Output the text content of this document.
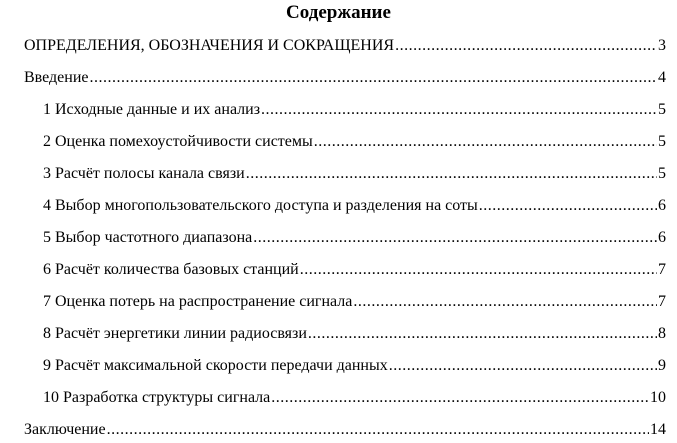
Содержание
ОПРЕДЕЛЕНИЯ, ОБОЗНАЧЕНИЯ И СОКРАЩЕНИЯ .....	3
Введение .....	4
1 Исходные данные и их анализ .....	5
2 Оценка помехоустойчивости системы .....	5
3 Расчёт полосы канала связи .....	5
4 Выбор многопользовательского доступа и разделения на соты .....	6
5 Выбор частотного диапазона .....	6
6 Расчёт количества базовых станций .....	7
7 Оценка потерь на распространение сигнала .....	7
8 Расчёт энергетики линии радиосвязи .....	8
9 Расчёт максимальной скорости передачи данных .....	9
10 Разработка структуры сигнала .....	10
Заключение .....	14
